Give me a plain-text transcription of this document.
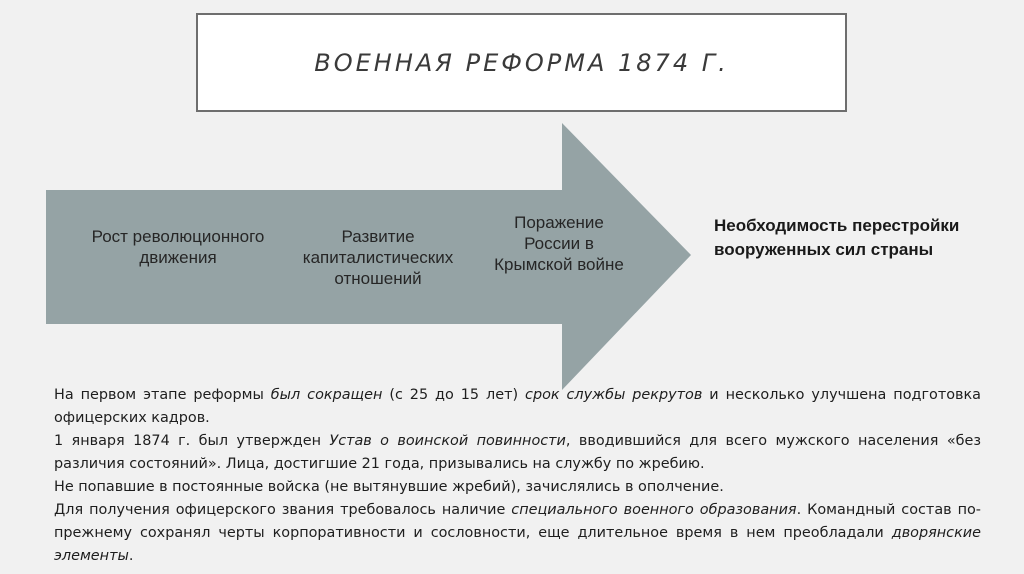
ВОЕННАЯ РЕФОРМА 1874 Г.
Рост революционного движения
Развитие капиталистических отношений
Поражение России в Крымской войне
Необходимость перестройки вооруженных сил страны

На первом этапе реформы был сокращен (с 25 до 15 лет) срок службы рекрутов и несколько улучшена подготовка офицерских кадров.

1 января 1874 г. был утвержден Устав о воинской повинности, вводившийся для всего мужского населения «без различия состояний». Лица, достигшие 21 года, призывались на службу по жребию.

Не попавшие в постоянные войска (не вытянувшие жребий), зачислялись в ополчение.

Для получения офицерского звания требовалось наличие специального военного образования. Командный состав по-прежнему сохранял черты корпоративности и сословности, еще длительное время в нем преобладали дворянские элементы.
